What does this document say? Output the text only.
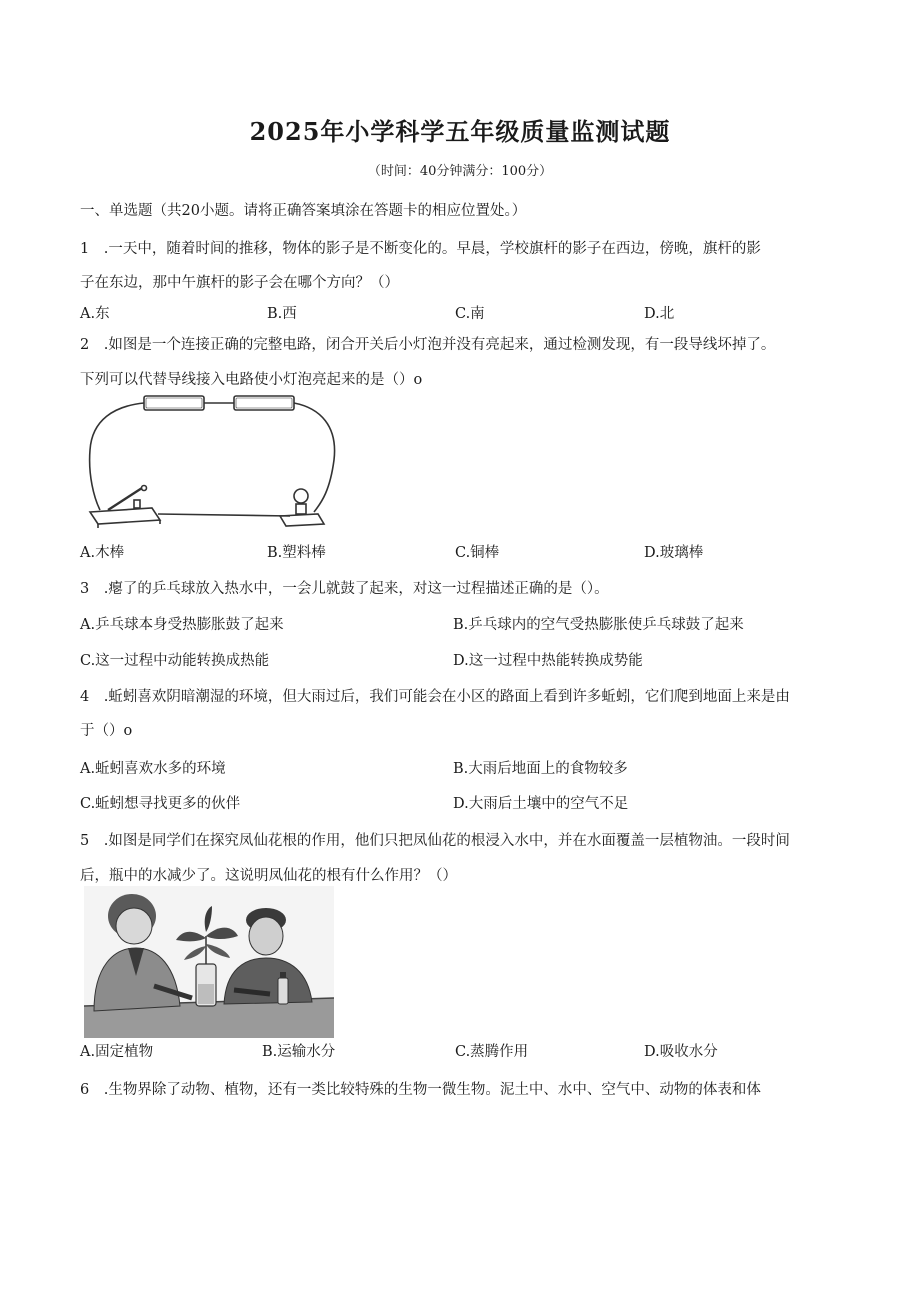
2025年小学科学五年级质量监测试题
（时间：40分钟满分：100分）
一、单选题（共20小题。请将正确答案填涂在答题卡的相应位置处。）
1　.一天中，随着时间的推移，物体的影子是不断变化的。早晨，学校旗杆的影子在西边，傍晚，旗杆的影
子在东边，那中午旗杆的影子会在哪个方向？（）
A.东	B.西	C.南	D.北
2　.如图是一个连接正确的完整电路，闭合开关后小灯泡并没有亮起来，通过检测发现，有一段导线坏掉了。
下列可以代替导线接入电路使小灯泡亮起来的是（）o
A.木棒	B.塑料棒	C.铜棒	D.玻璃棒
3　.瘪了的乒乓球放入热水中，一会儿就鼓了起来，对这一过程描述正确的是（）。
A.乒乓球本身受热膨胀鼓了起来	B.乒乓球内的空气受热膨胀使乒乓球鼓了起来
C.这一过程中动能转换成热能	D.这一过程中热能转换成势能
4　.蚯蚓喜欢阴暗潮湿的环境，但大雨过后，我们可能会在小区的路面上看到许多蚯蚓，它们爬到地面上来是由
于（）o
A.蚯蚓喜欢水多的环境	B.大雨后地面上的食物较多
C.蚯蚓想寻找更多的伙伴	D.大雨后土壤中的空气不足
5　.如图是同学们在探究凤仙花根的作用，他们只把凤仙花的根浸入水中，并在水面覆盖一层植物油。一段时间
后，瓶中的水减少了。这说明凤仙花的根有什么作用？（）
A.固定植物	B.运输水分	C.蒸腾作用	D.吸收水分
6　.生物界除了动物、植物，还有一类比较特殊的生物一微生物。泥土中、水中、空气中、动物的体表和体
